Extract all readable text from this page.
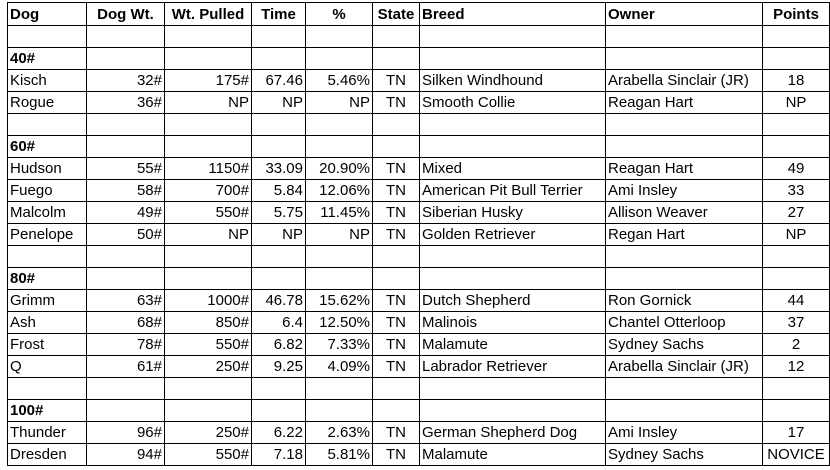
Dog	Dog Wt.	Wt. Pulled	Time	%	State	Breed	Owner	Points

40#								
Kisch	32#	175#	67.46	5.46%	TN	Silken Windhound	Arabella Sinclair (JR)	18
Rogue	36#	NP	NP	NP	TN	Smooth Collie	Reagan Hart	NP

60#								
Hudson	55#	1150#	33.09	20.90%	TN	Mixed	Reagan Hart	49
Fuego	58#	700#	5.84	12.06%	TN	American Pit Bull Terrier	Ami Insley	33
Malcolm	49#	550#	5.75	11.45%	TN	Siberian Husky	Allison Weaver	27
Penelope	50#	NP	NP	NP	TN	Golden Retriever	Regan Hart	NP

80#								
Grimm	63#	1000#	46.78	15.62%	TN	Dutch Shepherd	Ron Gornick	44
Ash	68#	850#	6.4	12.50%	TN	Malinois	Chantel Otterloop	37
Frost	78#	550#	6.82	7.33%	TN	Malamute	Sydney Sachs	2
Q	61#	250#	9.25	4.09%	TN	Labrador Retriever	Arabella Sinclair (JR)	12

100#								
Thunder	96#	250#	6.22	2.63%	TN	German Shepherd Dog	Ami Insley	17
Dresden	94#	550#	7.18	5.81%	TN	Malamute	Sydney Sachs	NOVICE
